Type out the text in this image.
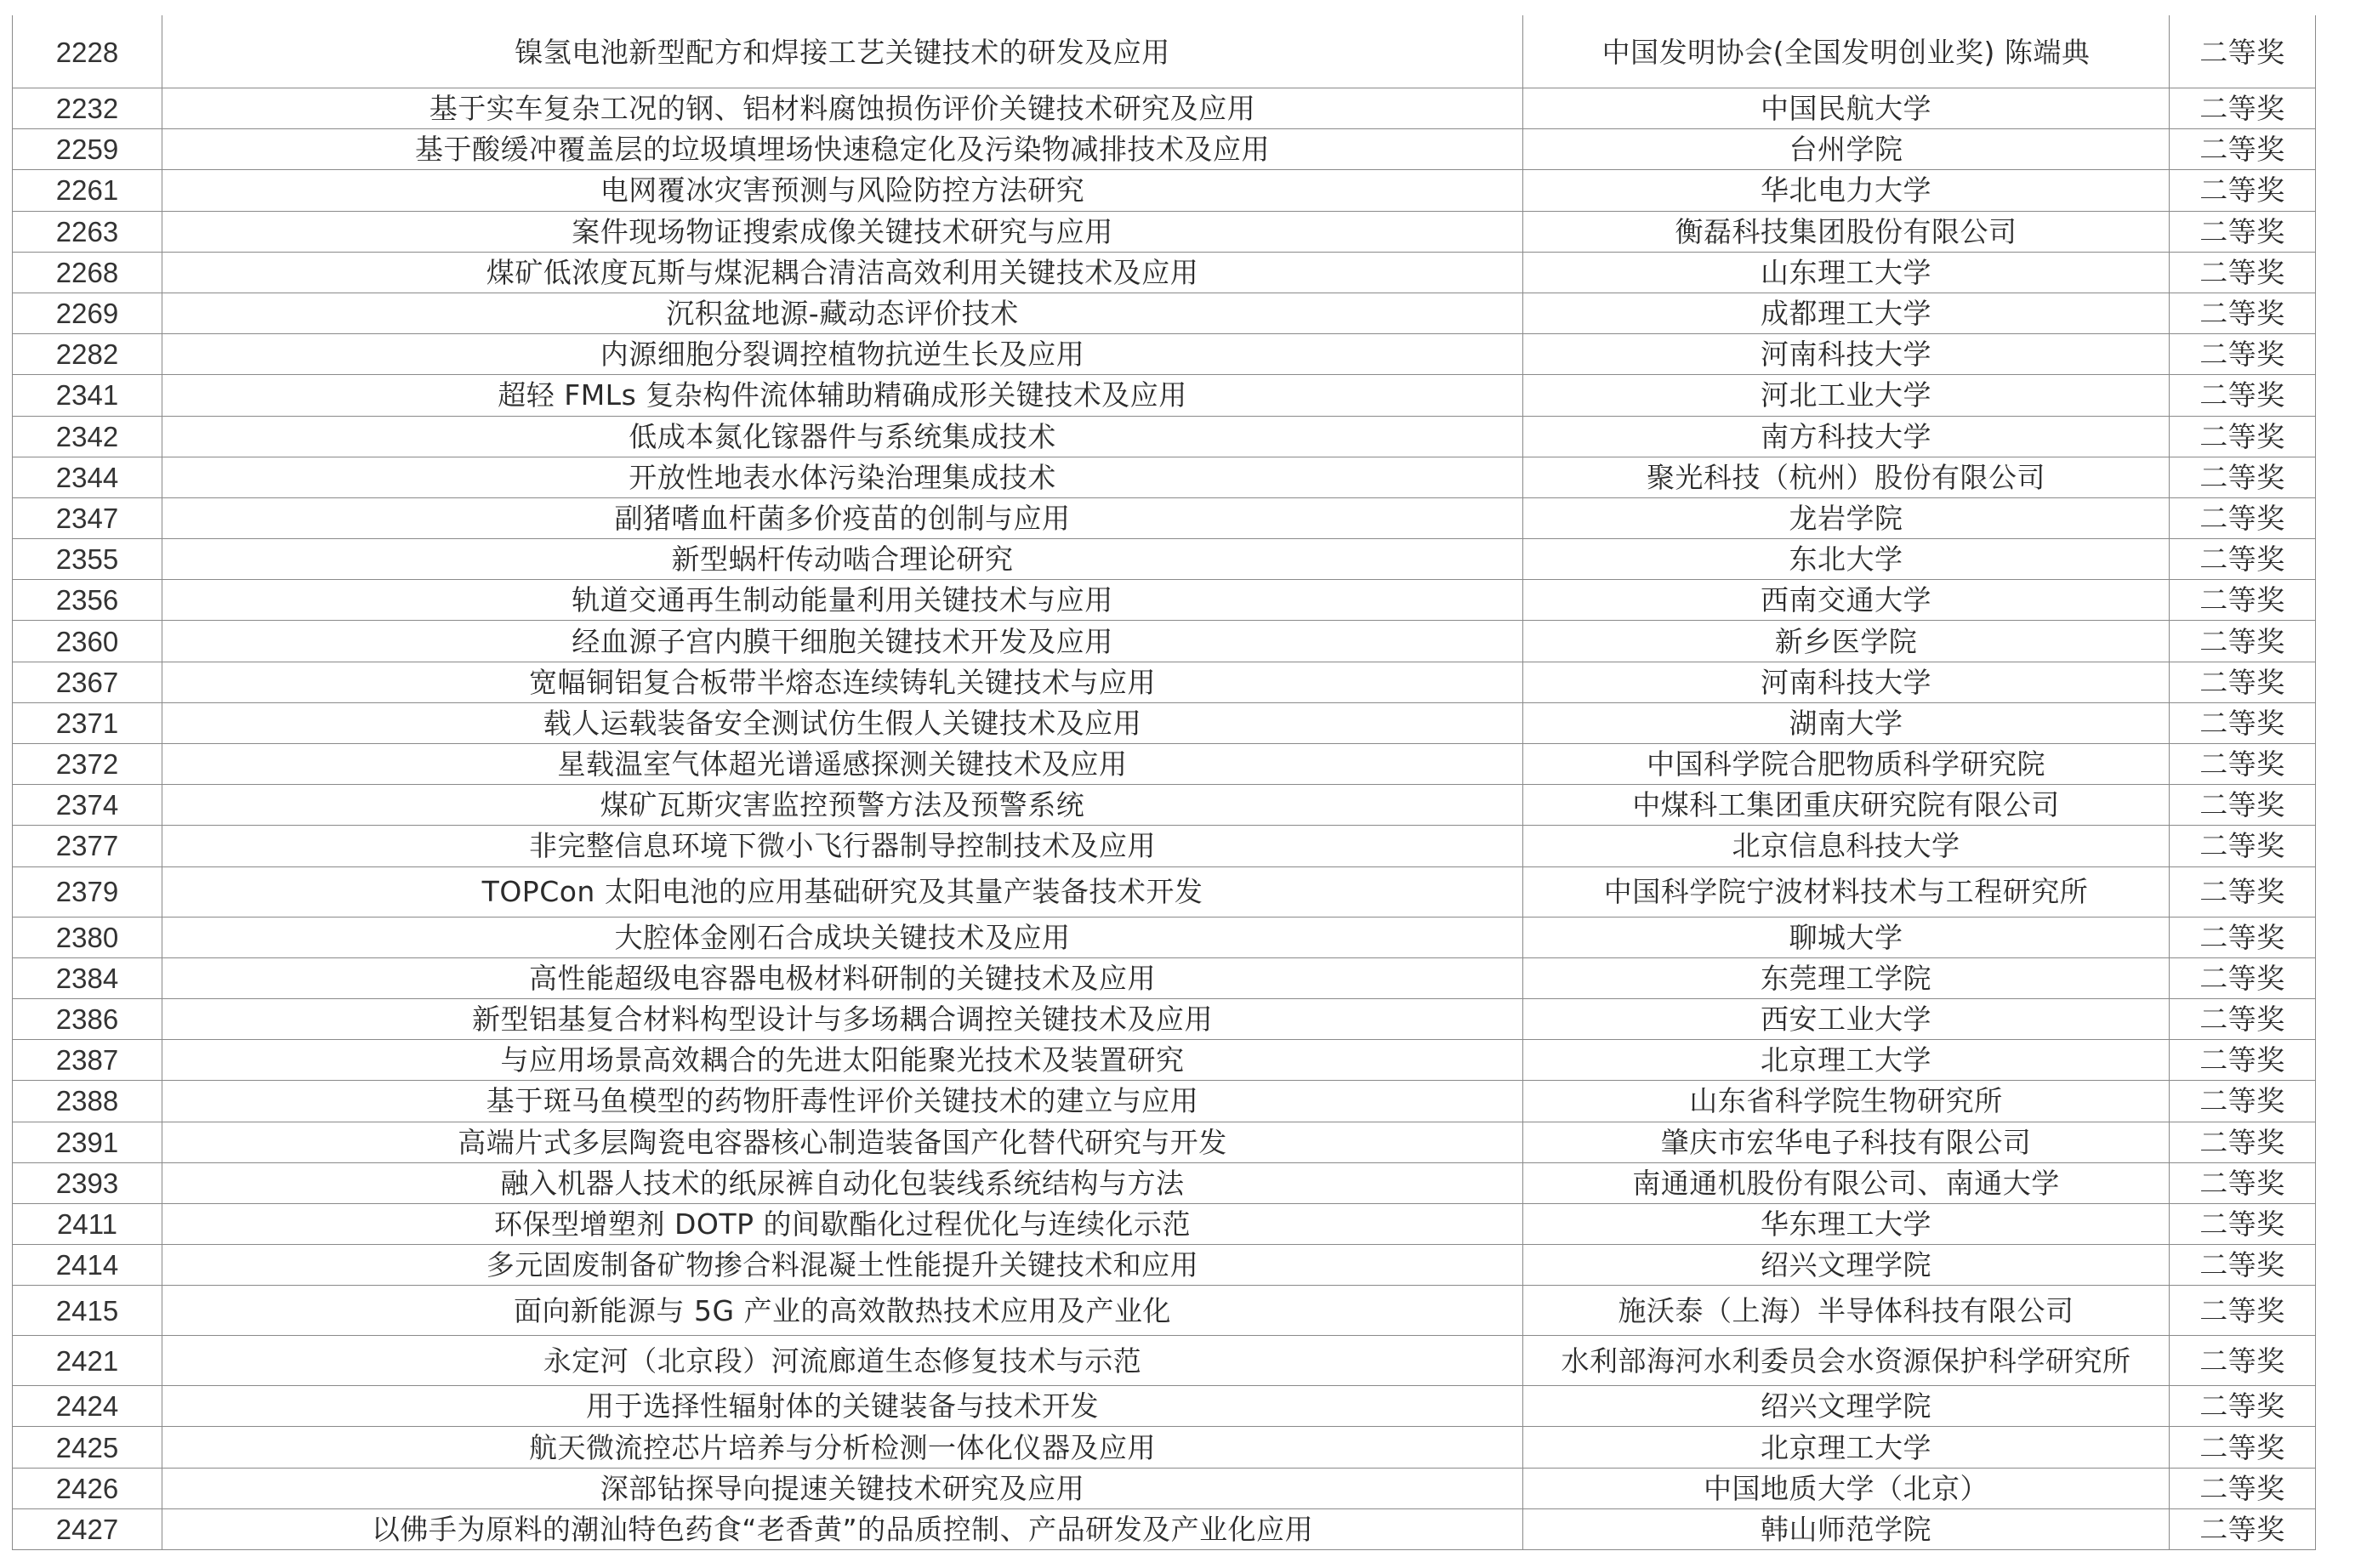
2228	镍氢电池新型配方和焊接工艺关键技术的研发及应用	中国发明协会(全国发明创业奖) 陈端典	二等奖
2232	基于实车复杂工况的钢、铝材料腐蚀损伤评价关键技术研究及应用	中国民航大学	二等奖
2259	基于酸缓冲覆盖层的垃圾填埋场快速稳定化及污染物减排技术及应用	台州学院	二等奖
2261	电网覆冰灾害预测与风险防控方法研究	华北电力大学	二等奖
2263	案件现场物证搜索成像关键技术研究与应用	衡磊科技集团股份有限公司	二等奖
2268	煤矿低浓度瓦斯与煤泥耦合清洁高效利用关键技术及应用	山东理工大学	二等奖
2269	沉积盆地源-藏动态评价技术	成都理工大学	二等奖
2282	内源细胞分裂调控植物抗逆生长及应用	河南科技大学	二等奖
2341	超轻 FMLs 复杂构件流体辅助精确成形关键技术及应用	河北工业大学	二等奖
2342	低成本氮化镓器件与系统集成技术	南方科技大学	二等奖
2344	开放性地表水体污染治理集成技术	聚光科技（杭州）股份有限公司	二等奖
2347	副猪嗜血杆菌多价疫苗的创制与应用	龙岩学院	二等奖
2355	新型蜗杆传动啮合理论研究	东北大学	二等奖
2356	轨道交通再生制动能量利用关键技术与应用	西南交通大学	二等奖
2360	经血源子宫内膜干细胞关键技术开发及应用	新乡医学院	二等奖
2367	宽幅铜铝复合板带半熔态连续铸轧关键技术与应用	河南科技大学	二等奖
2371	载人运载装备安全测试仿生假人关键技术及应用	湖南大学	二等奖
2372	星载温室气体超光谱遥感探测关键技术及应用	中国科学院合肥物质科学研究院	二等奖
2374	煤矿瓦斯灾害监控预警方法及预警系统	中煤科工集团重庆研究院有限公司	二等奖
2377	非完整信息环境下微小飞行器制导控制技术及应用	北京信息科技大学	二等奖
2379	TOPCon 太阳电池的应用基础研究及其量产装备技术开发	中国科学院宁波材料技术与工程研究所	二等奖
2380	大腔体金刚石合成块关键技术及应用	聊城大学	二等奖
2384	高性能超级电容器电极材料研制的关键技术及应用	东莞理工学院	二等奖
2386	新型铝基复合材料构型设计与多场耦合调控关键技术及应用	西安工业大学	二等奖
2387	与应用场景高效耦合的先进太阳能聚光技术及装置研究	北京理工大学	二等奖
2388	基于斑马鱼模型的药物肝毒性评价关键技术的建立与应用	山东省科学院生物研究所	二等奖
2391	高端片式多层陶瓷电容器核心制造装备国产化替代研究与开发	肇庆市宏华电子科技有限公司	二等奖
2393	融入机器人技术的纸尿裤自动化包装线系统结构与方法	南通通机股份有限公司、南通大学	二等奖
2411	环保型增塑剂 DOTP 的间歇酯化过程优化与连续化示范	华东理工大学	二等奖
2414	多元固废制备矿物掺合料混凝土性能提升关键技术和应用	绍兴文理学院	二等奖
2415	面向新能源与 5G 产业的高效散热技术应用及产业化	施沃泰（上海）半导体科技有限公司	二等奖
2421	永定河（北京段）河流廊道生态修复技术与示范	水利部海河水利委员会水资源保护科学研究所	二等奖
2424	用于选择性辐射体的关键装备与技术开发	绍兴文理学院	二等奖
2425	航天微流控芯片培养与分析检测一体化仪器及应用	北京理工大学	二等奖
2426	深部钻探导向提速关键技术研究及应用	中国地质大学（北京）	二等奖
2427	以佛手为原料的潮汕特色药食“老香黄”的品质控制、产品研发及产业化应用	韩山师范学院	二等奖
